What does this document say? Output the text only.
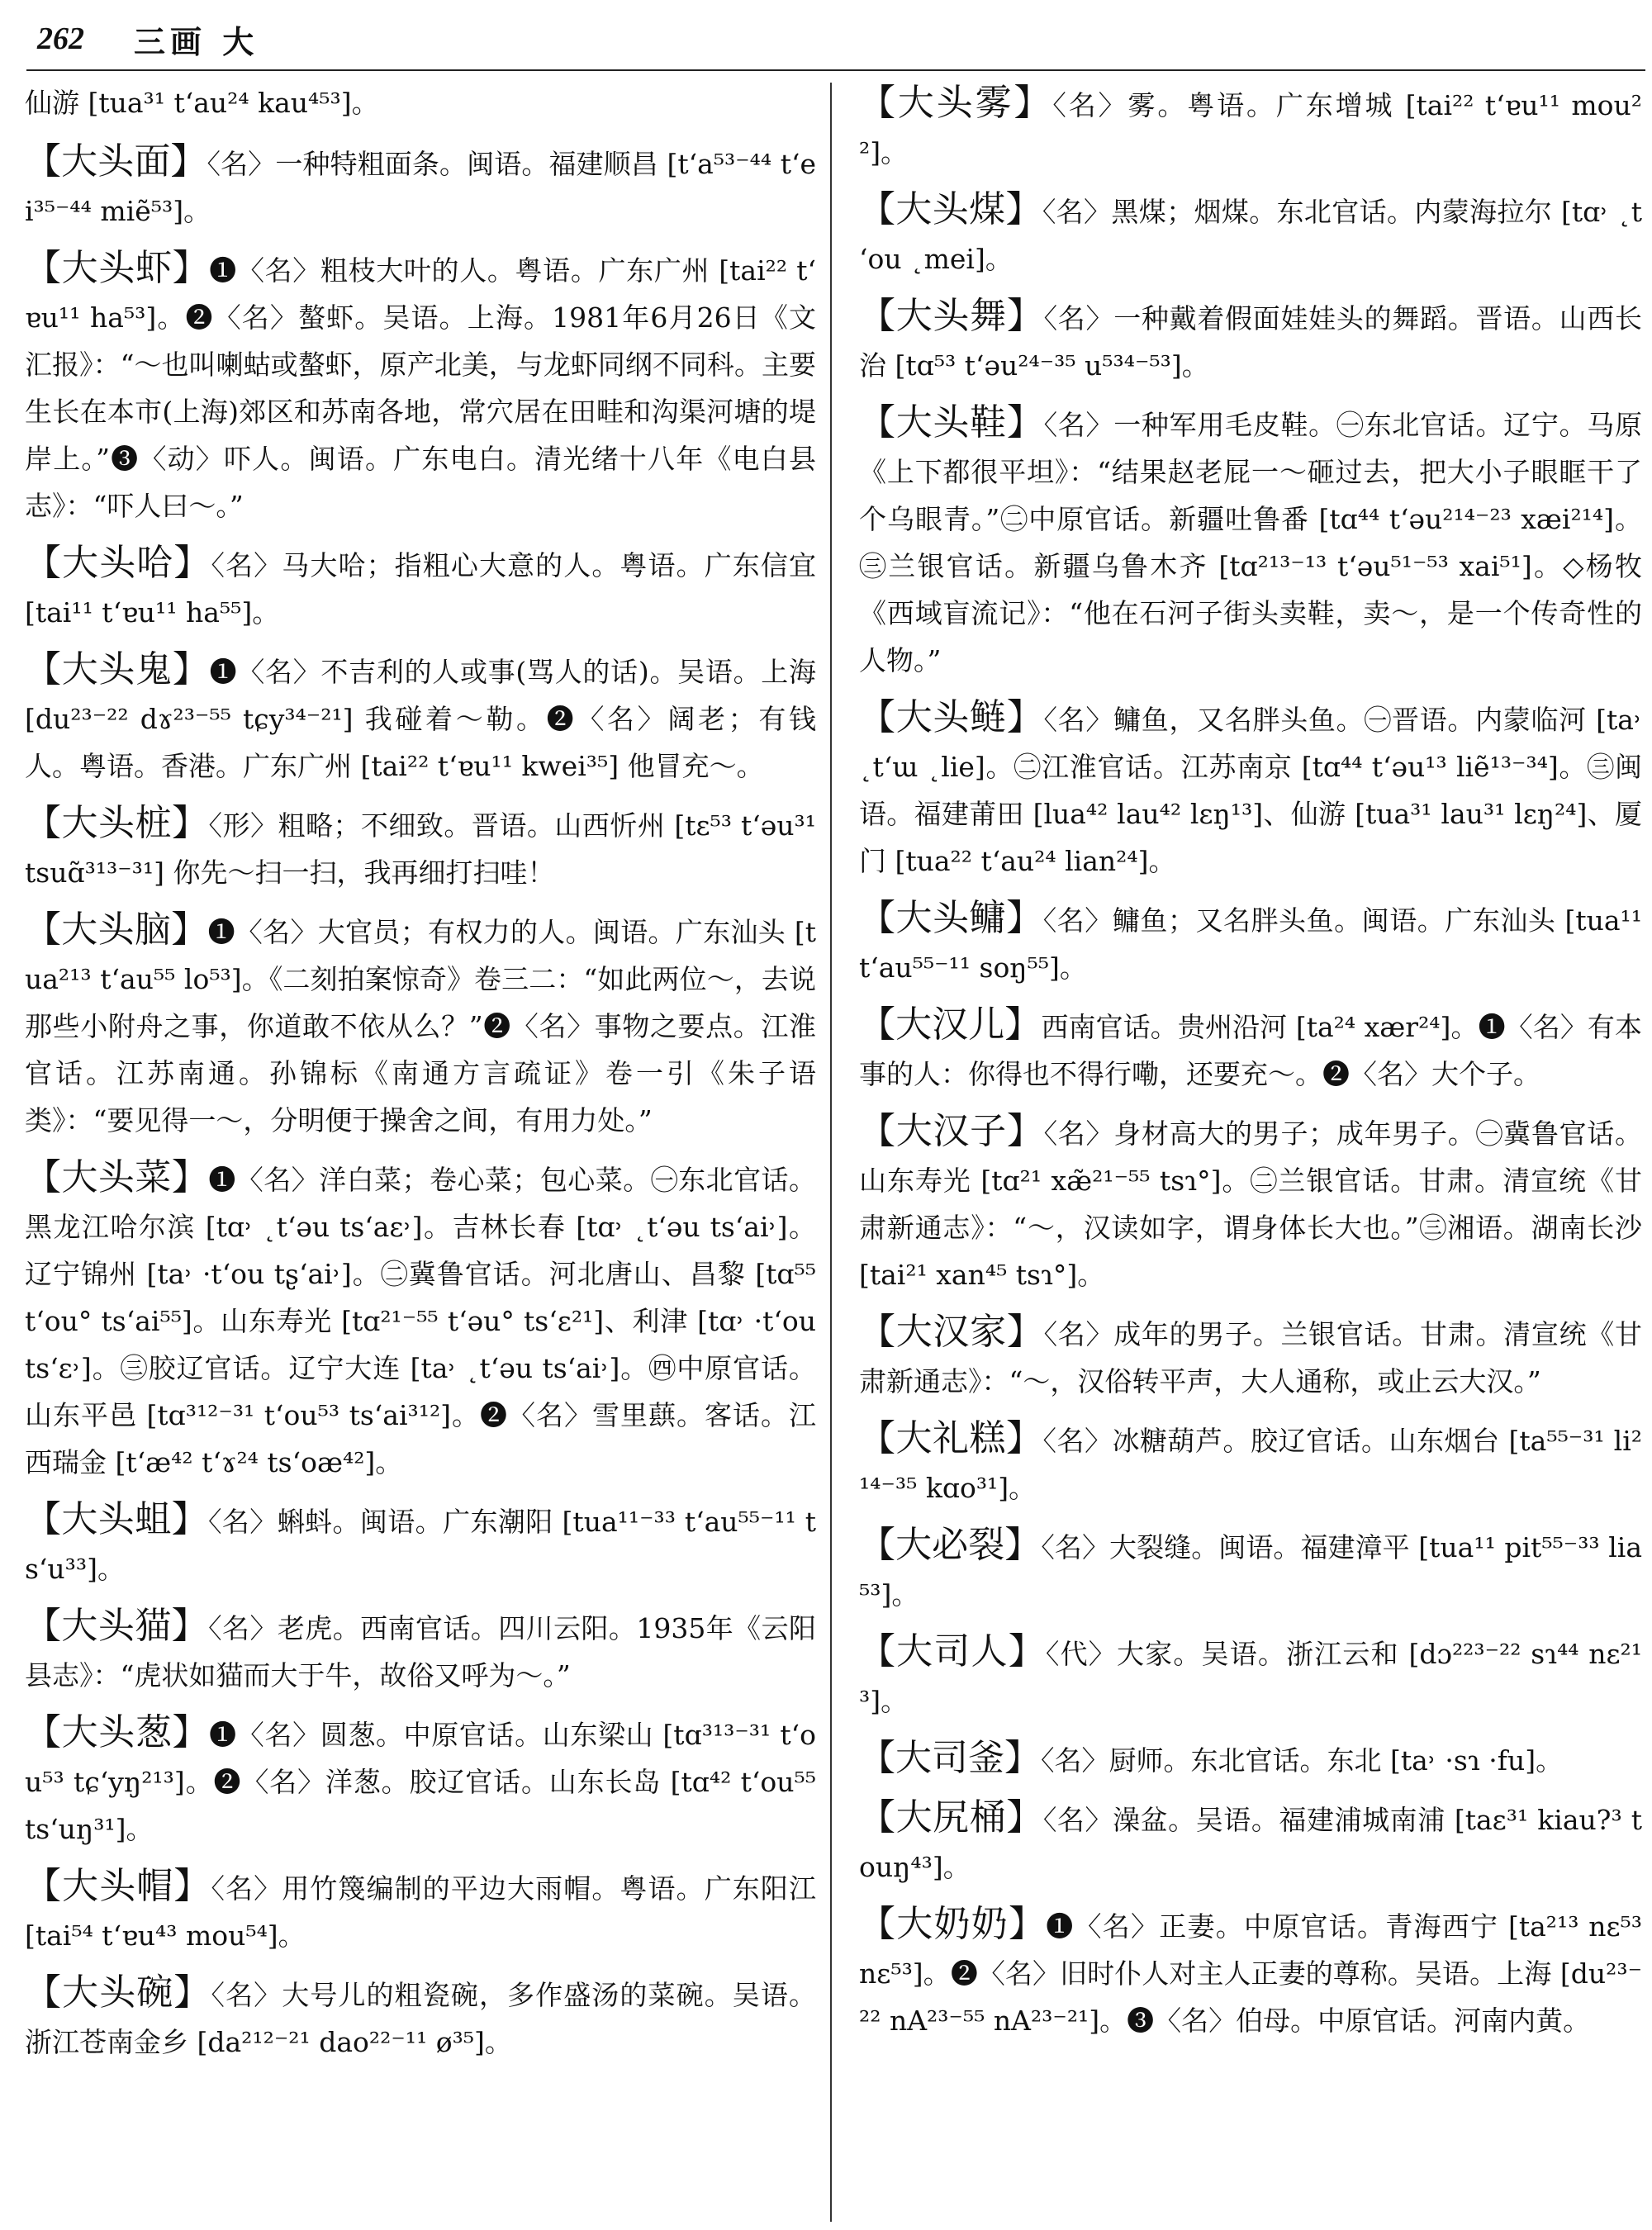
262 三画 大
仙游 [tua³¹ tʻau²⁴ kau⁴⁵³]。
【大头面】〈名〉一种特粗面条。闽语。福建顺昌 [tʻa⁵³⁻⁴⁴ tʻei³⁵⁻⁴⁴ miẽ⁵³]。
【大头虾】❶〈名〉粗枝大叶的人。粤语。广东广州 [tai²² tʻɐu¹¹ ha⁵³]。❷〈名〉螯虾。吴语。上海。1981年6月26日《文汇报》：“～也叫喇蛄或螯虾，原产北美，与龙虾同纲不同科。主要生长在本市(上海)郊区和苏南各地，常穴居在田畦和沟渠河塘的堤岸上。”❸〈动〉吓人。闽语。广东电白。清光绪十八年《电白县志》：“吓人曰～。”
【大头哈】〈名〉马大哈；指粗心大意的人。粤语。广东信宜 [tai¹¹ tʻɐu¹¹ ha⁵⁵]。
【大头鬼】❶〈名〉不吉利的人或事(骂人的话)。吴语。上海 [du²³⁻²² dɤ²³⁻⁵⁵ tɕy³⁴⁻²¹] 我碰着～勒。❷〈名〉阔老；有钱人。粤语。香港。广东广州 [tai²² tʻɐu¹¹ kwei³⁵] 他冒充～。
【大头桩】〈形〉粗略；不细致。晋语。山西忻州 [tɛ⁵³ tʻəu³¹ tsuɑ̃³¹³⁻³¹] 你先～扫一扫，我再细打扫哇！
【大头脑】❶〈名〉大官员；有权力的人。闽语。广东汕头 [tua²¹³ tʻau⁵⁵ lo⁵³]。《二刻拍案惊奇》卷三二：“如此两位～，去说那些小附舟之事，你道敢不依从么？”❷〈名〉事物之要点。江淮官话。江苏南通。孙锦标《南通方言疏证》卷一引《朱子语类》：“要见得一～，分明便于操舍之间，有用力处。”
【大头菜】❶〈名〉洋白菜；卷心菜；包心菜。㊀东北官话。黑龙江哈尔滨 [tɑ˒ ˛tʻəu tsʻaɛ˒]。吉林长春 [tɑ˒ ˛tʻəu tsʻai˒]。辽宁锦州 [ta˒ ·tʻou tʂʻai˒]。㊁冀鲁官话。河北唐山、昌黎 [tɑ⁵⁵ tʻou° tsʻai⁵⁵]。山东寿光 [tɑ²¹⁻⁵⁵ tʻəu° tsʻɛ²¹]、利津 [tɑ˒ ·tʻou tsʻɛ˒]。㊂胶辽官话。辽宁大连 [ta˒ ˛tʻəu tsʻai˒]。㊃中原官话。山东平邑 [tɑ³¹²⁻³¹ tʻou⁵³ tsʻai³¹²]。❷〈名〉雪里蕻。客话。江西瑞金 [tʻæ⁴² tʻɤ²⁴ tsʻoæ⁴²]。
【大头蛆】〈名〉蝌蚪。闽语。广东潮阳 [tua¹¹⁻³³ tʻau⁵⁵⁻¹¹ tsʻu³³]。
【大头猫】〈名〉老虎。西南官话。四川云阳。1935年《云阳县志》：“虎状如猫而大于牛，故俗又呼为～。”
【大头葱】❶〈名〉圆葱。中原官话。山东梁山 [tɑ³¹³⁻³¹ tʻou⁵³ tɕʻyŋ²¹³]。❷〈名〉洋葱。胶辽官话。山东长岛 [tɑ⁴² tʻou⁵⁵ tsʻuŋ³¹]。
【大头帽】〈名〉用竹篾编制的平边大雨帽。粤语。广东阳江 [tai⁵⁴ tʻɐu⁴³ mou⁵⁴]。
【大头碗】〈名〉大号儿的粗瓷碗，多作盛汤的菜碗。吴语。浙江苍南金乡 [da²¹²⁻²¹ dao²²⁻¹¹ ø³⁵]。
【大头雾】〈名〉雾。粤语。广东增城 [tai²² tʻɐu¹¹ mou²²]。
【大头煤】〈名〉黑煤；烟煤。东北官话。内蒙海拉尔 [tɑ˒ ˛tʻou ˛mei]。
【大头舞】〈名〉一种戴着假面娃娃头的舞蹈。晋语。山西长治 [tɑ⁵³ tʻəu²⁴⁻³⁵ u⁵³⁴⁻⁵³]。
【大头鞋】〈名〉一种军用毛皮鞋。㊀东北官话。辽宁。马原《上下都很平坦》：“结果赵老屁一～砸过去，把大小子眼眶干了个乌眼青。”㊁中原官话。新疆吐鲁番 [tɑ⁴⁴ tʻəu²¹⁴⁻²³ xæi²¹⁴]。㊂兰银官话。新疆乌鲁木齐 [tɑ²¹³⁻¹³ tʻəu⁵¹⁻⁵³ xai⁵¹]。◇杨牧《西域盲流记》：“他在石河子街头卖鞋，卖～，是一个传奇性的人物。”
【大头鲢】〈名〉鳙鱼，又名胖头鱼。㊀晋语。内蒙临河 [ta˒ ˛tʻɯ ˛lie]。㊁江淮官话。江苏南京 [tɑ⁴⁴ tʻəu¹³ liẽ¹³⁻³⁴]。㊂闽语。福建莆田 [lua⁴² lau⁴² lɛŋ¹³]、仙游 [tua³¹ lau³¹ lɛŋ²⁴]、厦门 [tua²² tʻau²⁴ lian²⁴]。
【大头鳙】〈名〉鳙鱼；又名胖头鱼。闽语。广东汕头 [tua¹¹ tʻau⁵⁵⁻¹¹ soŋ⁵⁵]。
【大汉儿】西南官话。贵州沿河 [ta²⁴ xær²⁴]。❶〈名〉有本事的人：你得也不得行嘞，还要充～。❷〈名〉大个子。
【大汉子】〈名〉身材高大的男子；成年男子。㊀冀鲁官话。山东寿光 [tɑ²¹ xæ̃²¹⁻⁵⁵ tsɿ°]。㊁兰银官话。甘肃。清宣统《甘肃新通志》：“～，汉读如字，谓身体长大也。”㊂湘语。湖南长沙 [tai²¹ xan⁴⁵ tsɿ°]。
【大汉家】〈名〉成年的男子。兰银官话。甘肃。清宣统《甘肃新通志》：“～，汉俗转平声，大人通称，或止云大汉。”
【大礼糕】〈名〉冰糖葫芦。胶辽官话。山东烟台 [ta⁵⁵⁻³¹ li²¹⁴⁻³⁵ kɑo³¹]。
【大必裂】〈名〉大裂缝。闽语。福建漳平 [tua¹¹ pit⁵⁵⁻³³ lia⁵³]。
【大司人】〈代〉大家。吴语。浙江云和 [dɔ²²³⁻²² sɿ⁴⁴ nɛ²¹³]。
【大司釜】〈名〉厨师。东北官话。东北 [ta˒ ·sɿ ·fu]。
【大尻桶】〈名〉澡盆。吴语。福建浦城南浦 [taɛ³¹ kiau?³ touŋ⁴³]。
【大奶奶】❶〈名〉正妻。中原官话。青海西宁 [ta²¹³ nɛ⁵³ nɛ⁵³]。❷〈名〉旧时仆人对主人正妻的尊称。吴语。上海 [du²³⁻²² nA²³⁻⁵⁵ nA²³⁻²¹]。❸〈名〉伯母。中原官话。河南内黄。
